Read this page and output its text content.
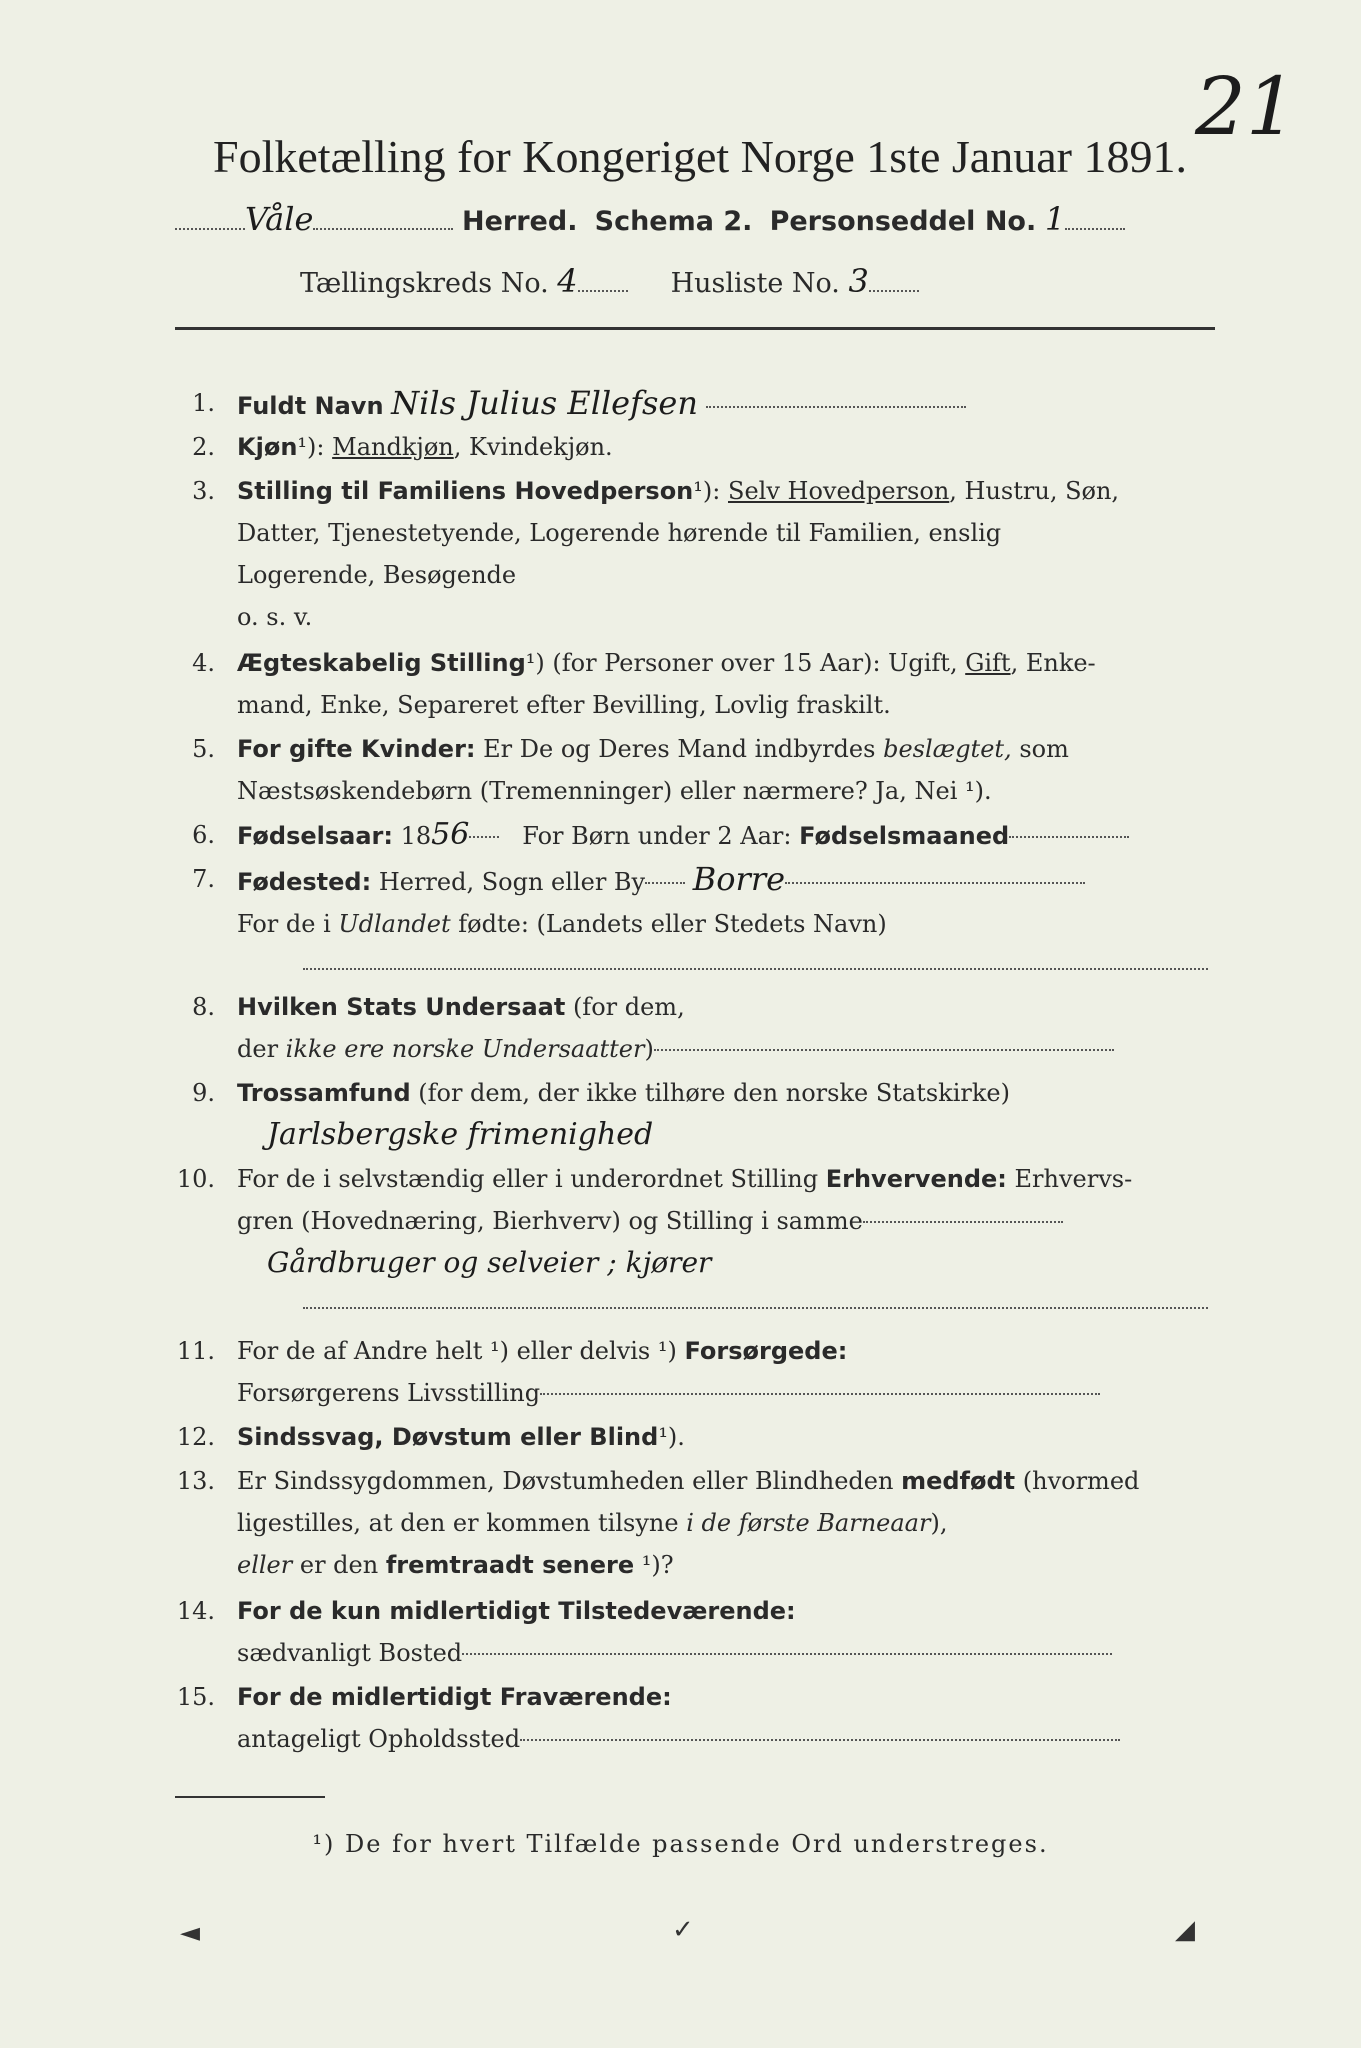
21
Folketælling for Kongeriget Norge 1ste Januar 1891.
Våle	Herred. Schema 2. Personseddel No. 1
Tællingskreds No. 4	Husliste No. 3
1. Fuldt Navn Nils Julius Ellefsen
2. Kjøn¹): Mandkjøn, Kvindekjøn.
3. Stilling til Familiens Hovedperson¹): Selv Hovedperson, Hustru, Søn,
Datter, Tjenestetyende, Logerende hørende til Familien, enslig
Logerende, Besøgende
o. s. v.
4. Ægteskabelig Stilling¹) (for Personer over 15 Aar): Ugift, Gift, Enke-
mand, Enke, Separeret efter Bevilling, Lovlig fraskilt.
5. For gifte Kvinder: Er De og Deres Mand indbyrdes beslægtet, som
Næstsøskendebørn (Tremenninger) eller nærmere? Ja, Nei ¹).
6. Fødselsaar: 1856 For Børn under 2 Aar: Fødselsmaaned
7. Fødested: Herred, Sogn eller By Borre
For de i Udlandet fødte: (Landets eller Stedets Navn)
8. Hvilken Stats Undersaat (for dem,
der ikke ere norske Undersaatter)
9. Trossamfund (for dem, der ikke tilhøre den norske Statskirke)
Jarlsbergske frimenighed
10. For de i selvstændig eller i underordnet Stilling Erhvervende: Erhvervs-
gren (Hovednæring, Bierhverv) og Stilling i samme
Gårdbruger og selveier ; kjører
11. For de af Andre helt ¹) eller delvis ¹) Forsørgede:
Forsørgerens Livsstilling
12. Sindssvag, Døvstum eller Blind¹).
13. Er Sindssygdommen, Døvstumheden eller Blindheden medfødt (hvormed
ligestilles, at den er kommen tilsyne i de første Barneaar),
eller er den fremtraadt senere ¹)?
14. For de kun midlertidigt Tilstedeværende:
sædvanligt Bosted
15. For de midlertidigt Fraværende:
antageligt Opholdssted
¹) De for hvert Tilfælde passende Ord understreges.
◄	✓	◢
